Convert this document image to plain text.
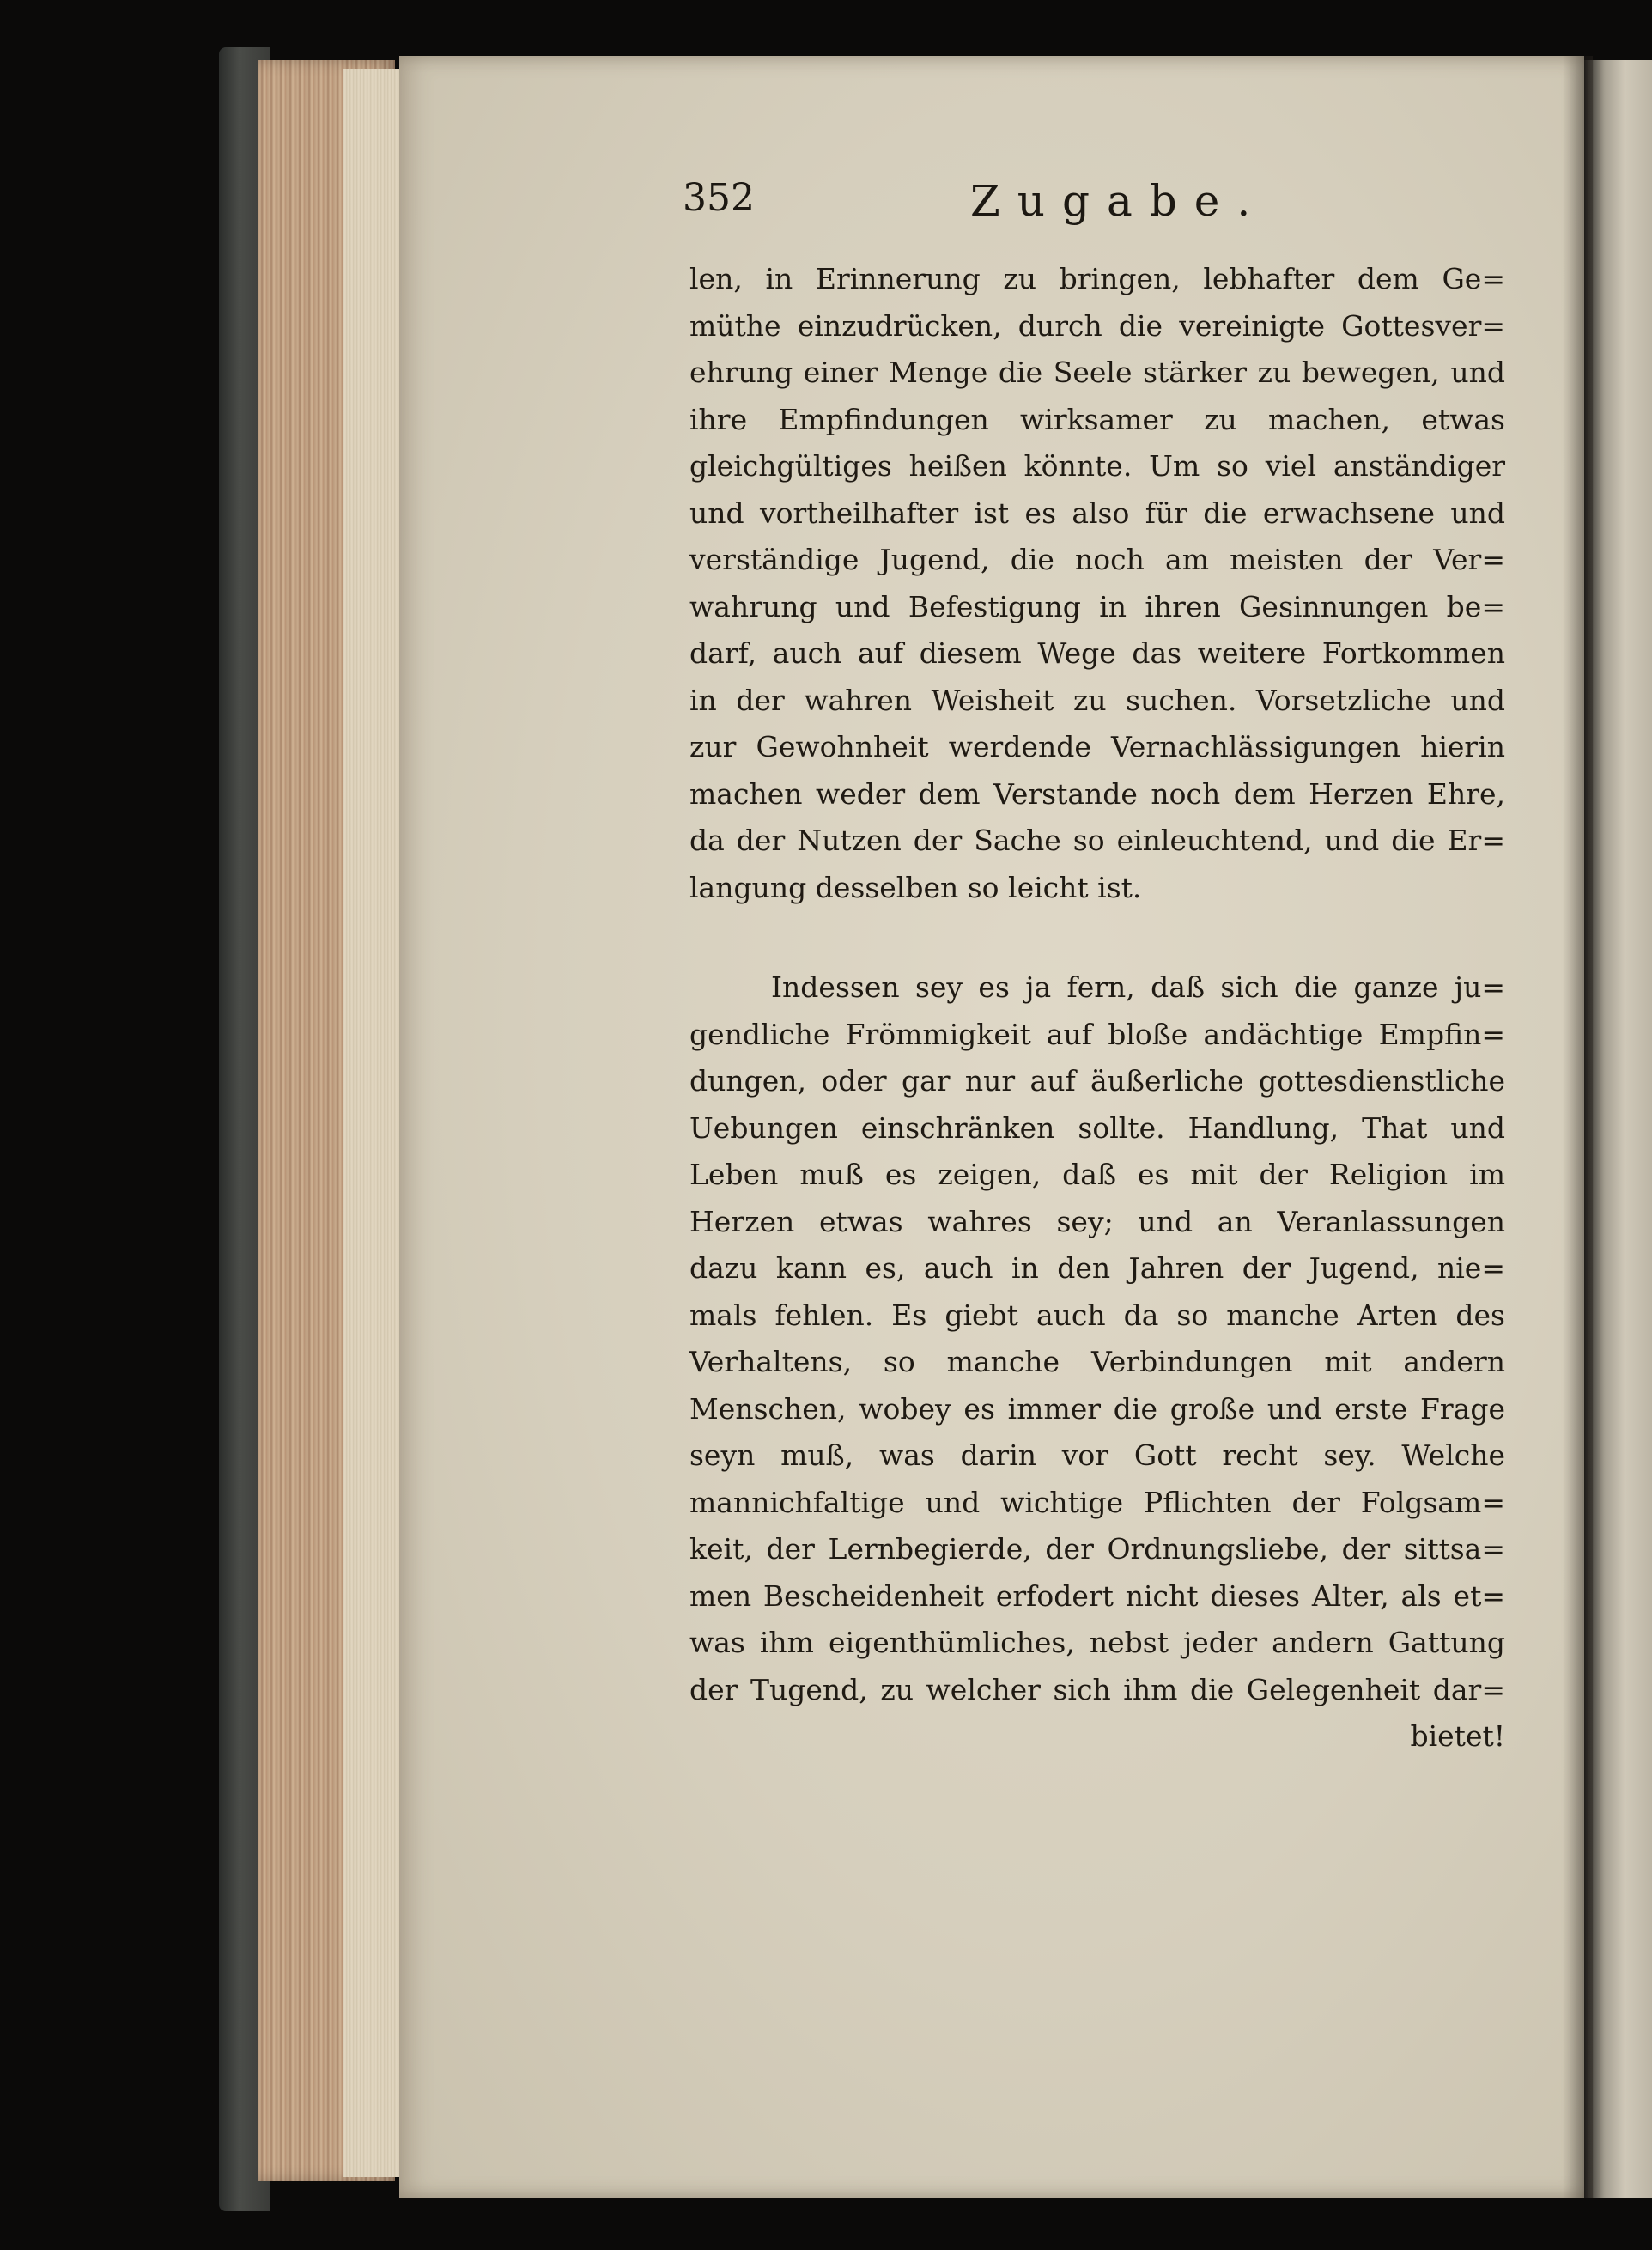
352	Zugabe.
len, in Erinnerung zu bringen, lebhafter dem Ge=
müthe einzudrücken, durch die vereinigte Gottesver=
ehrung einer Menge die Seele stärker zu bewegen, und
ihre Empfindungen wirksamer zu machen, etwas
gleichgültiges heißen könnte. Um so viel anständiger
und vortheilhafter ist es also für die erwachsene und
verständige Jugend, die noch am meisten der Ver=
wahrung und Befestigung in ihren Gesinnungen be=
darf, auch auf diesem Wege das weitere Fortkommen
in der wahren Weisheit zu suchen. Vorsetzliche und
zur Gewohnheit werdende Vernachlässigungen hierin
machen weder dem Verstande noch dem Herzen Ehre,
da der Nutzen der Sache so einleuchtend, und die Er=
langung desselben so leicht ist.
Indessen sey es ja fern, daß sich die ganze ju=
gendliche Frömmigkeit auf bloße andächtige Empfin=
dungen, oder gar nur auf äußerliche gottesdienstliche
Uebungen einschränken sollte. Handlung, That und
Leben muß es zeigen, daß es mit der Religion im
Herzen etwas wahres sey; und an Veranlassungen
dazu kann es, auch in den Jahren der Jugend, nie=
mals fehlen. Es giebt auch da so manche Arten des
Verhaltens, so manche Verbindungen mit andern
Menschen, wobey es immer die große und erste Frage
seyn muß, was darin vor Gott recht sey. Welche
mannichfaltige und wichtige Pflichten der Folgsam=
keit, der Lernbegierde, der Ordnungsliebe, der sittsa=
men Bescheidenheit erfodert nicht dieses Alter, als et=
was ihm eigenthümliches, nebst jeder andern Gattung
der Tugend, zu welcher sich ihm die Gelegenheit dar=
bietet!
